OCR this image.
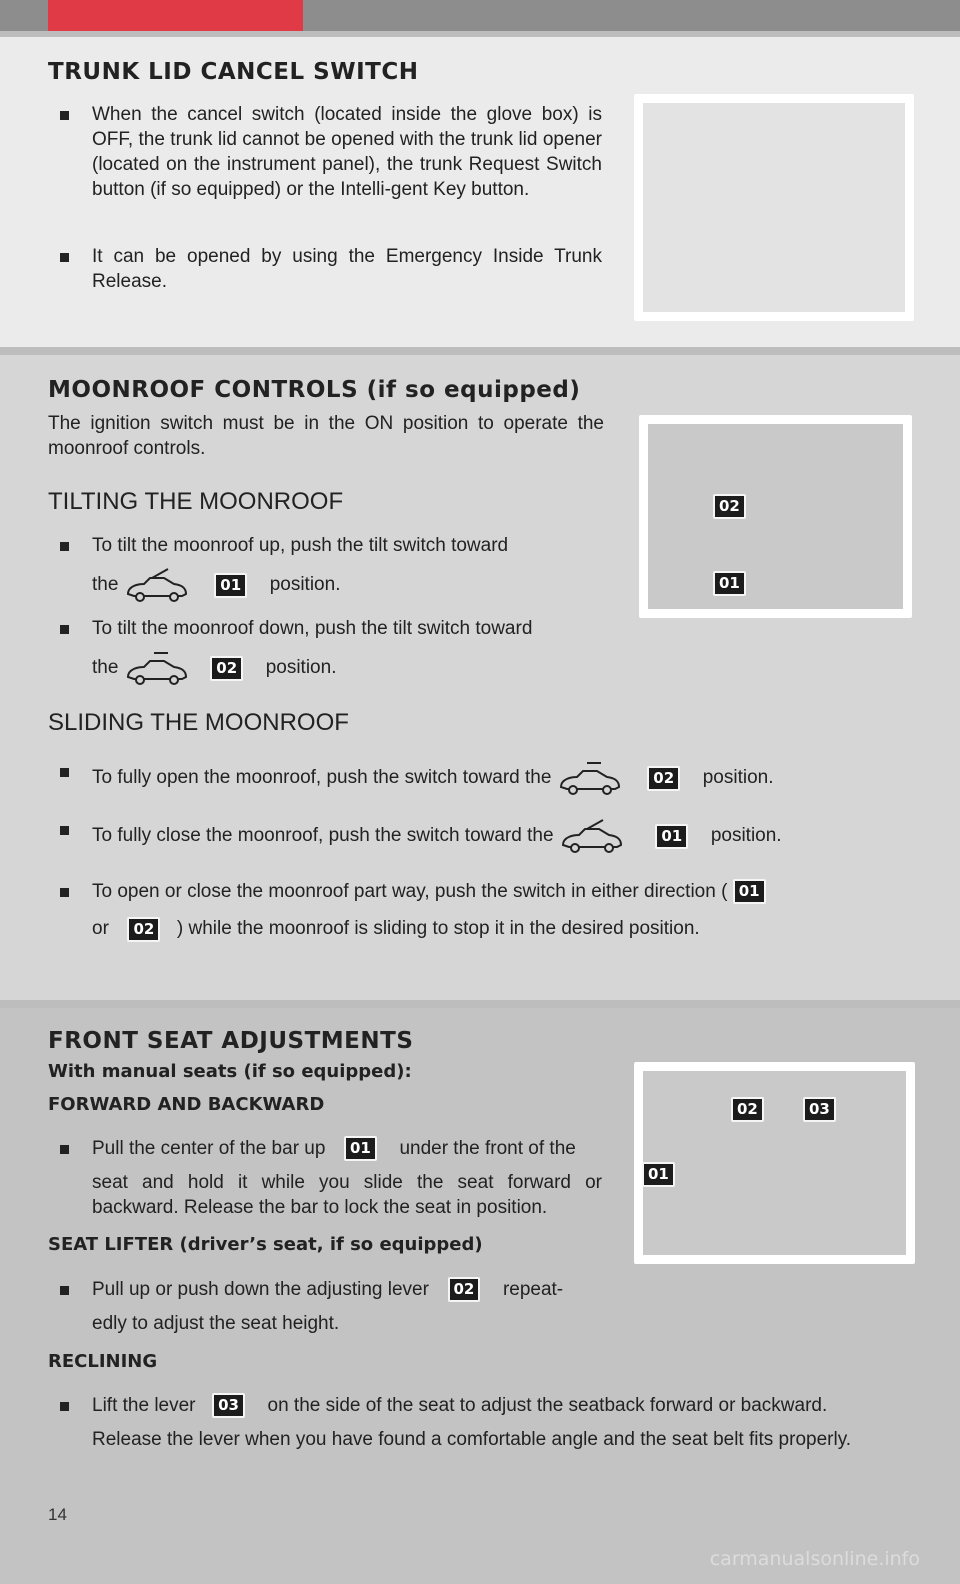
TRUNK LID CANCEL SWITCH
When the cancel switch (located inside the glove box) is OFF, the trunk lid cannot be opened with the trunk lid opener (located on the instrument panel), the trunk Request Switch button (if so equipped) or the Intelli-gent Key button.
It can be opened by using the Emergency Inside Trunk Release.
MOONROOF CONTROLS (if so equipped)

The ignition switch must be in the ON position to operate the moonroof controls.

TILTING THE MOONROOF

To tilt the moonroof up, push the tilt switch toward
the	01 position.
To tilt the moonroof down, push the tilt switch toward
the	02 position.

SLIDING THE MOONROOF

To fully open the moonroof, push the switch toward the	02 position.
To fully close the moonroof, push the switch toward the	01 position.
To open or close the moonroof part way, push the switch in either direction ( 01
or 02 ) while the moonroof is sliding to stop it in the desired position.
02
01
FRONT SEAT ADJUSTMENTS

With manual seats (if so equipped):

FORWARD AND BACKWARD

Pull the center of the bar up 01 under the front of the
seat and hold it while you slide the seat forward or backward. Release the bar to lock the seat in position.

SEAT LIFTER (driver’s seat, if so equipped)

Pull up or push down the adjusting lever 02 repeat-
edly to adjust the seat height.

RECLINING

Lift the lever 03 on the side of the seat to adjust the seatback forward or backward.
Release the lever when you have found a comfortable angle and the seat belt fits properly.
02	03
01
14
carmanualsonline.info
